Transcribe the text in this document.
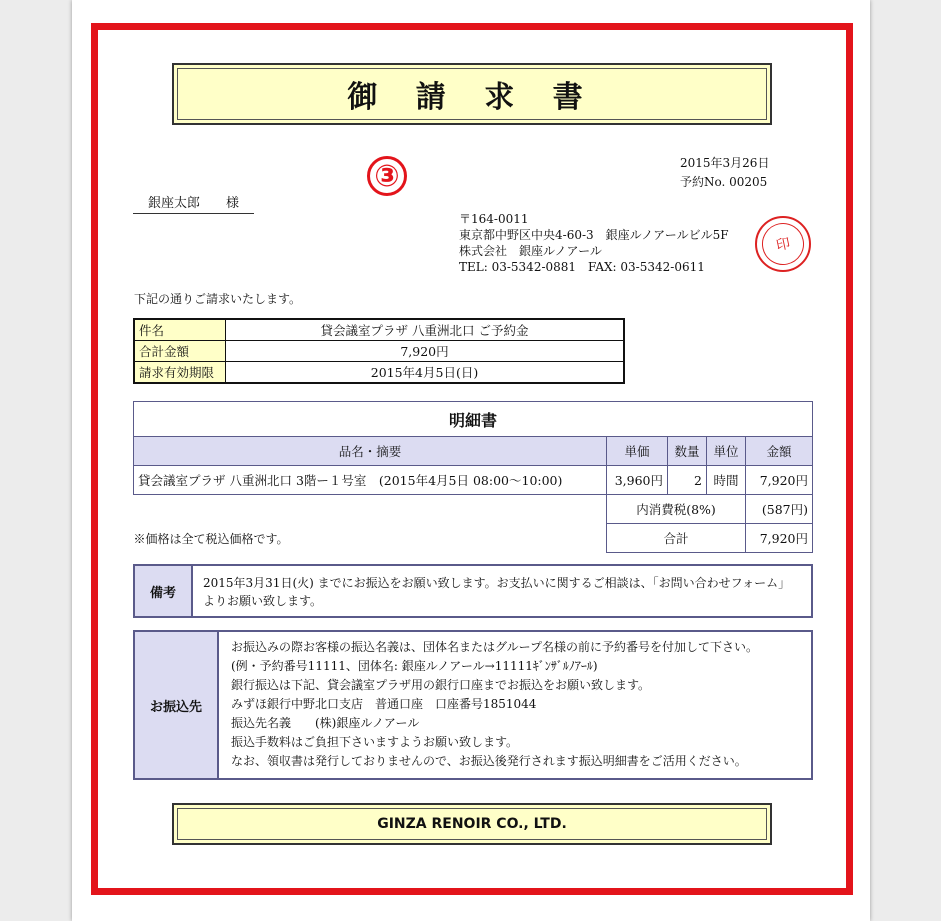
御 請 求 書
③	2015年3月26日
予約No. 00205
銀座太郎　　様
〒164-0011
東京都中野区中央4-60-3　銀座ルノアールビル5F
株式会社　銀座ルノアール
TEL: 03-5342-0881　FAX: 03-5342-0611
印
下記の通りご請求いたします。
件名	貸会議室プラザ 八重洲北口 ご予約金
合計金額	7,920円
請求有効期限	2015年4月5日(日)
明細書				
品名・摘要	単価	数量	単位	金額
貸会議室プラザ 八重洲北口 3階ー１号室　(2015年4月5日 08:00～10:00)	3,960円	2	時間	7,920円
	内消費税(8%)			(587円)
※価格は全て税込価格です。	合計			7,920円
備考
2015年3月31日(火) までにお振込をお願い致します。お支払いに関するご相談は、「お問い合わせフォーム」よりお願い致します。
お振込先
お振込みの際お客様の振込名義は、団体名またはグループ名様の前に予約番号を付加して下さい。
(例・予約番号11111、団体名: 銀座ルノアール→11111ｷﾞﾝｻﾞﾙﾉｱｰﾙ)
銀行振込は下記、貸会議室プラザ用の銀行口座までお振込をお願い致します。
みずほ銀行中野北口支店　普通口座　口座番号1851044
振込先名義　　(株)銀座ルノアール
振込手数料はご負担下さいますようお願い致します。
なお、領収書は発行しておりませんので、お振込後発行されます振込明細書をご活用ください。
GINZA RENOIR CO., LTD.
